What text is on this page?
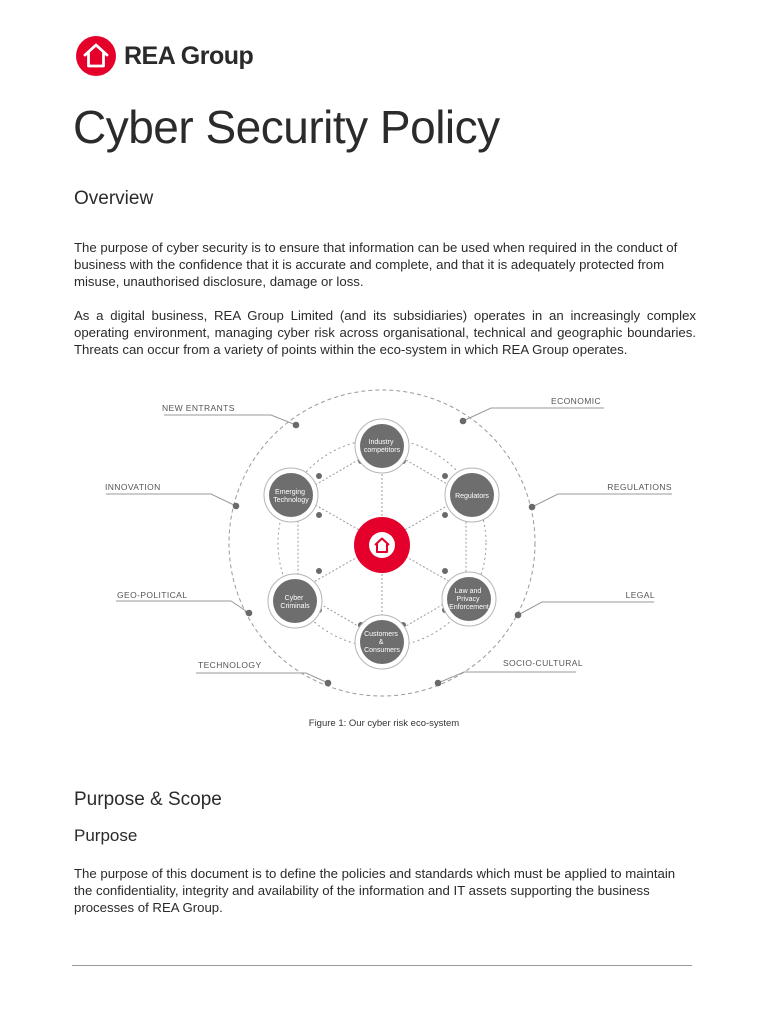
REA Group
Cyber Security Policy
Overview

The purpose of cyber security is to ensure that information can be used when required in the conduct of business with the confidence that it is accurate and complete, and that it is adequately protected from misuse, unauthorised disclosure, damage or loss.

As a digital business, REA Group Limited (and its subsidiaries) operates in an increasingly complex operating environment, managing cyber risk across organisational, technical and geographic boundaries. Threats can occur from a variety of points within the eco-system in which REA Group operates.

NEW ENTRANTS
ECONOMIC
INNOVATION	REGULATIONS
GEO-POLITICAL	LEGAL
TECHNOLOGY	SOCIO-CULTURAL
Industry competitors
Regulators
Law and Privacy Enforcement
Customers & Consumers
Cyber Criminals
Emerging Technology
Figure 1: Our cyber risk eco-system
Purpose & Scope
Purpose

The purpose of this document is to define the policies and standards which must be applied to maintain the confidentiality, integrity and availability of the information and IT assets supporting the business processes of REA Group.
